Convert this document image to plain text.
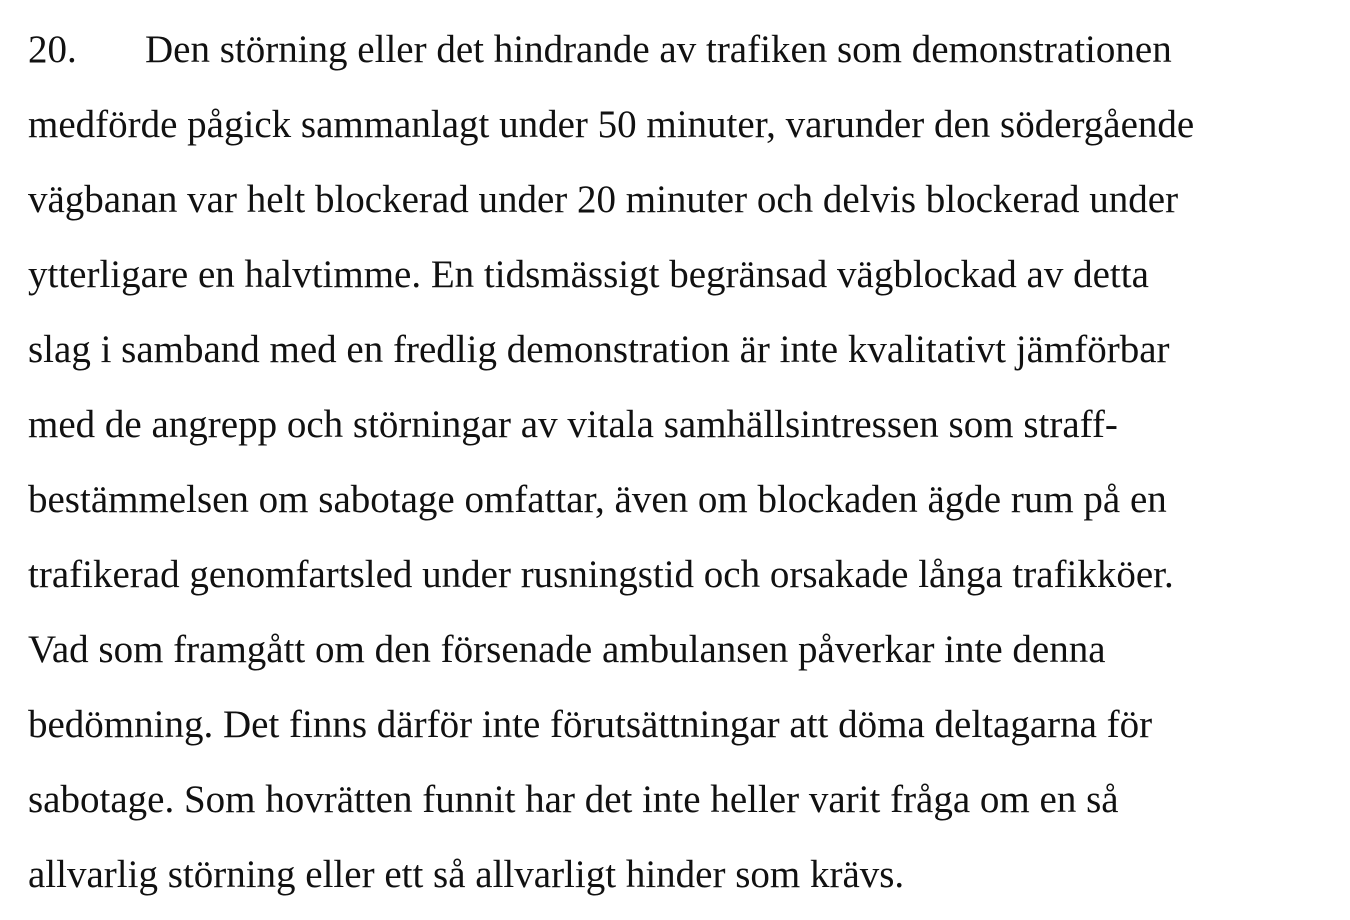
20. Den störning eller det hindrande av trafiken som demonstrationen
medförde pågick sammanlagt under 50 minuter, varunder den södergående
vägbanan var helt blockerad under 20 minuter och delvis blockerad under
ytterligare en halvtimme. En tidsmässigt begränsad vägblockad av detta
slag i samband med en fredlig demonstration är inte kvalitativt jämförbar
med de angrepp och störningar av vitala samhällsintressen som straff-
bestämmelsen om sabotage omfattar, även om blockaden ägde rum på en
trafikerad genomfartsled under rusningstid och orsakade långa trafikköer.
Vad som framgått om den försenade ambulansen påverkar inte denna
bedömning. Det finns därför inte förutsättningar att döma deltagarna för
sabotage. Som hovrätten funnit har det inte heller varit fråga om en så
allvarlig störning eller ett så allvarligt hinder som krävs.
